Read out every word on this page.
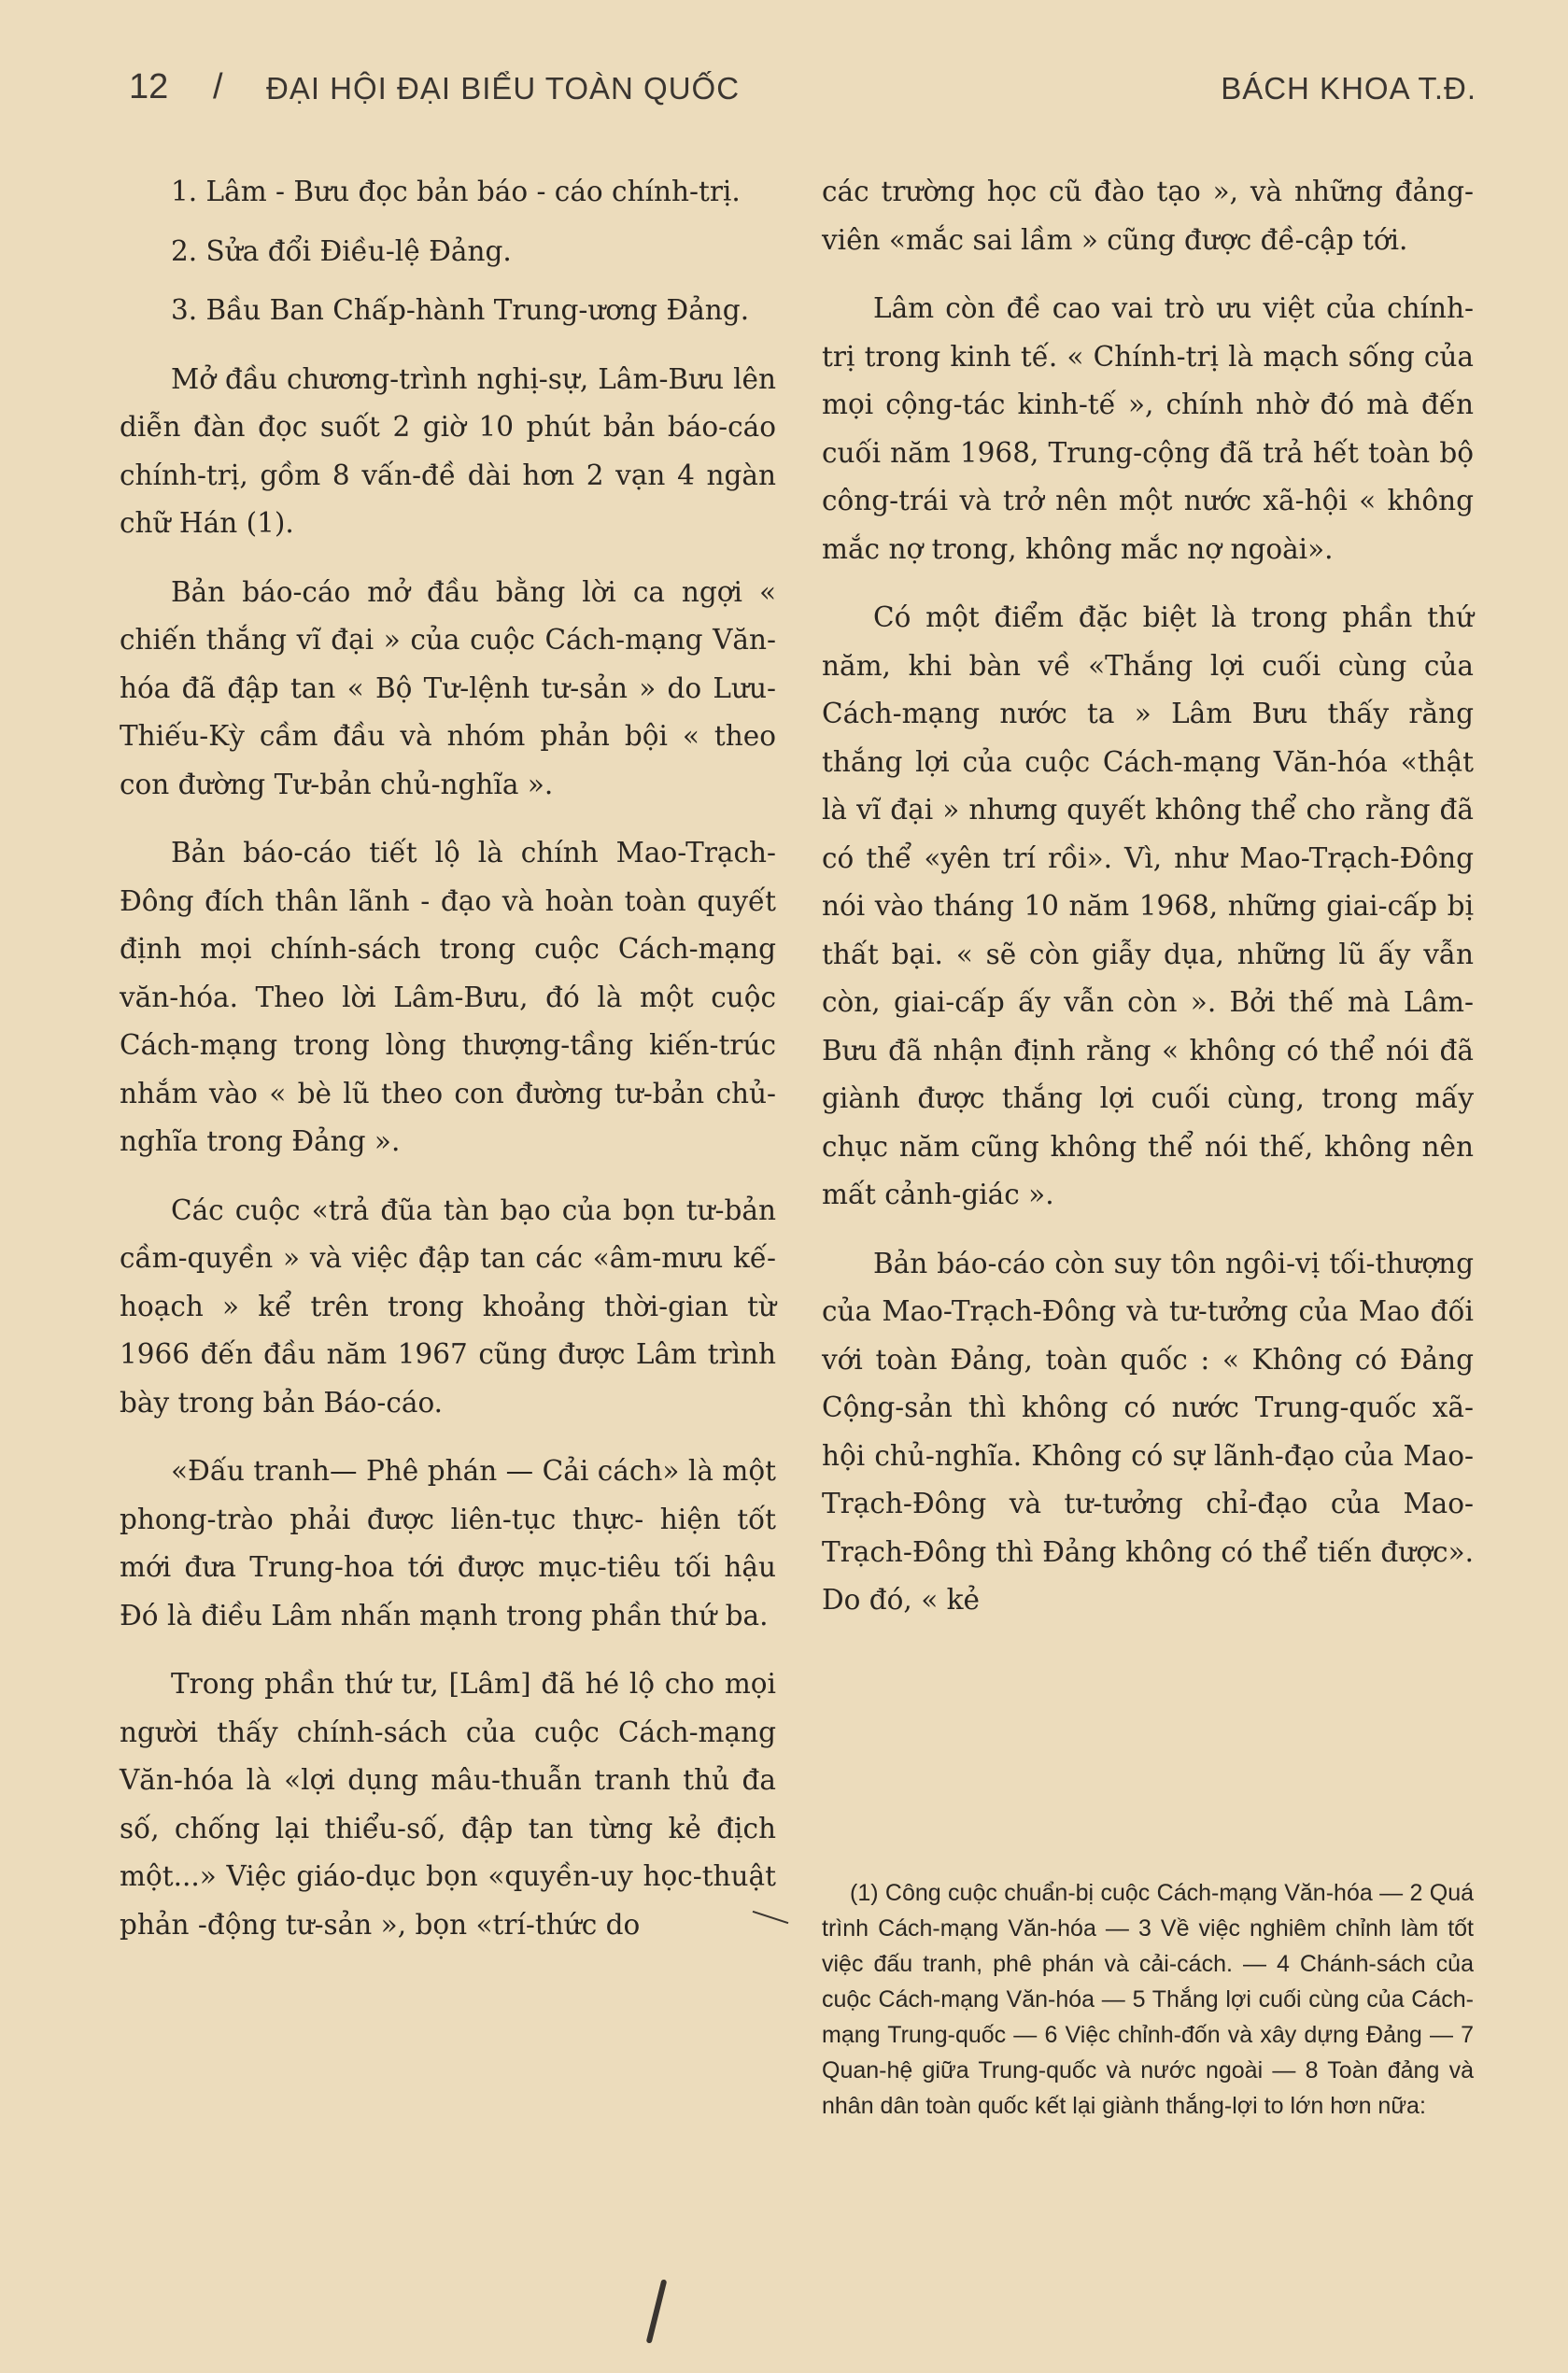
12 / ĐẠI HỘI ĐẠI BIỂU TOÀN QUỐC	BÁCH KHOA T.Đ.

1. Lâm - Bưu đọc bản báo - cáo chính-trị.

2. Sửa đổi Điều-lệ Đảng.

3. Bầu Ban Chấp-hành Trung-ương Đảng.

Mở đầu chương-trình nghị-sự, Lâm-Bưu lên diễn đàn đọc suốt 2 giờ 10 phút bản báo-cáo chính-trị, gồm 8 vấn-đề dài hơn 2 vạn 4 ngàn chữ Hán (1).

Bản báo-cáo mở đầu bằng lời ca ngợi « chiến thắng vĩ đại » của cuộc Cách-mạng Văn-hóa đã đập tan « Bộ Tư-lệnh tư-sản » do Lưu-Thiếu-Kỳ cầm đầu và nhóm phản bội « theo con đường Tư-bản chủ-nghĩa ».

Bản báo-cáo tiết lộ là chính Mao-Trạch-Đông đích thân lãnh - đạo và hoàn toàn quyết định mọi chính-sách trong cuộc Cách-mạng văn-hóa. Theo lời Lâm-Bưu, đó là một cuộc Cách-mạng trong lòng thượng-tầng kiến-trúc nhắm vào « bè lũ theo con đường tư-bản chủ-nghĩa trong Đảng ».

Các cuộc «trả đũa tàn bạo của bọn tư-bản cầm-quyền » và việc đập tan các «âm-mưu kế-hoạch » kể trên trong khoảng thời-gian từ 1966 đến đầu năm 1967 cũng được Lâm trình bày trong bản Báo-cáo.

«Đấu tranh— Phê phán — Cải cách» là một phong-trào phải được liên-tục thực- hiện tốt mới đưa Trung-hoa tới được mục-tiêu tối hậu Đó là điều Lâm nhấn mạnh trong phần thứ ba.

Trong phần thứ tư, [Lâm] đã hé lộ cho mọi người thấy chính-sách của cuộc Cách-mạng Văn-hóa là «lợi dụng mâu-thuẫn tranh thủ đa số, chống lại thiểu-số, đập tan từng kẻ địch một...» Việc giáo-dục bọn «quyền-uy học-thuật phản -động tư-sản », bọn «trí-thức do

các trường học cũ đào tạo », và những đảng-viên «mắc sai lầm » cũng được đề-cập tới.

Lâm còn đề cao vai trò ưu việt của chính-trị trong kinh tế. « Chính-trị là mạch sống của mọi cộng-tác kinh-tế », chính nhờ đó mà đến cuối năm 1968, Trung-cộng đã trả hết toàn bộ công-trái và trở nên một nước xã-hội « không mắc nợ trong, không mắc nợ ngoài».

Có một điểm đặc biệt là trong phần thứ năm, khi bàn về «Thắng lợi cuối cùng của Cách-mạng nước ta » Lâm Bưu thấy rằng thắng lợi của cuộc Cách-mạng Văn-hóa «thật là vĩ đại » nhưng quyết không thể cho rằng đã có thể «yên trí rồi». Vì, như Mao-Trạch-Đông nói vào tháng 10 năm 1968, những giai-cấp bị thất bại. « sẽ còn giẫy dụa, những lũ ấy vẫn còn, giai-cấp ấy vẫn còn ». Bởi thế mà Lâm-Bưu đã nhận định rằng « không có thể nói đã giành được thắng lợi cuối cùng, trong mấy chục năm cũng không thể nói thế, không nên mất cảnh-giác ».

Bản báo-cáo còn suy tôn ngôi-vị tối-thượng của Mao-Trạch-Đông và tư-tưởng của Mao đối với toàn Đảng, toàn quốc : « Không có Đảng Cộng-sản thì không có nước Trung-quốc xã-hội chủ-nghĩa. Không có sự lãnh-đạo của Mao-Trạch-Đông và tư-tưởng chỉ-đạo của Mao-Trạch-Đông thì Đảng không có thể tiến được». Do đó, « kẻ

(1) Công cuộc chuẩn-bị cuộc Cách-mạng Văn-hóa — 2 Quá trình Cách-mạng Văn-hóa — 3 Về việc nghiêm chỉnh làm tốt việc đấu tranh, phê phán và cải-cách. — 4 Chánh-sách của cuộc Cách-mạng Văn-hóa — 5 Thắng lợi cuối cùng của Cách-mạng Trung-quốc — 6 Việc chỉnh-đốn và xây dựng Đảng — 7 Quan-hệ giữa Trung-quốc và nước ngoài — 8 Toàn đảng và nhân dân toàn quốc kết lại giành thắng-lợi to lớn hơn nữa:
